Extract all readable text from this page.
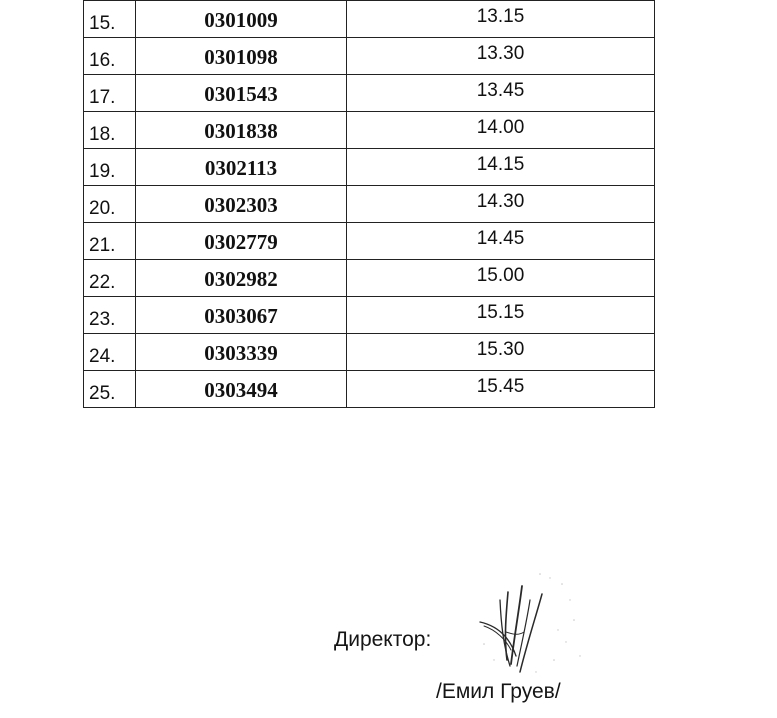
15.	0301009	13.15
16.	0301098	13.30
17.	0301543	13.45
18.	0301838	14.00
19.	0302113	14.15
20.	0302303	14.30
21.	0302779	14.45
22.	0302982	15.00
23.	0303067	15.15
24.	0303339	15.30
25.	0303494	15.45
Директор:
/Емил Груев/
